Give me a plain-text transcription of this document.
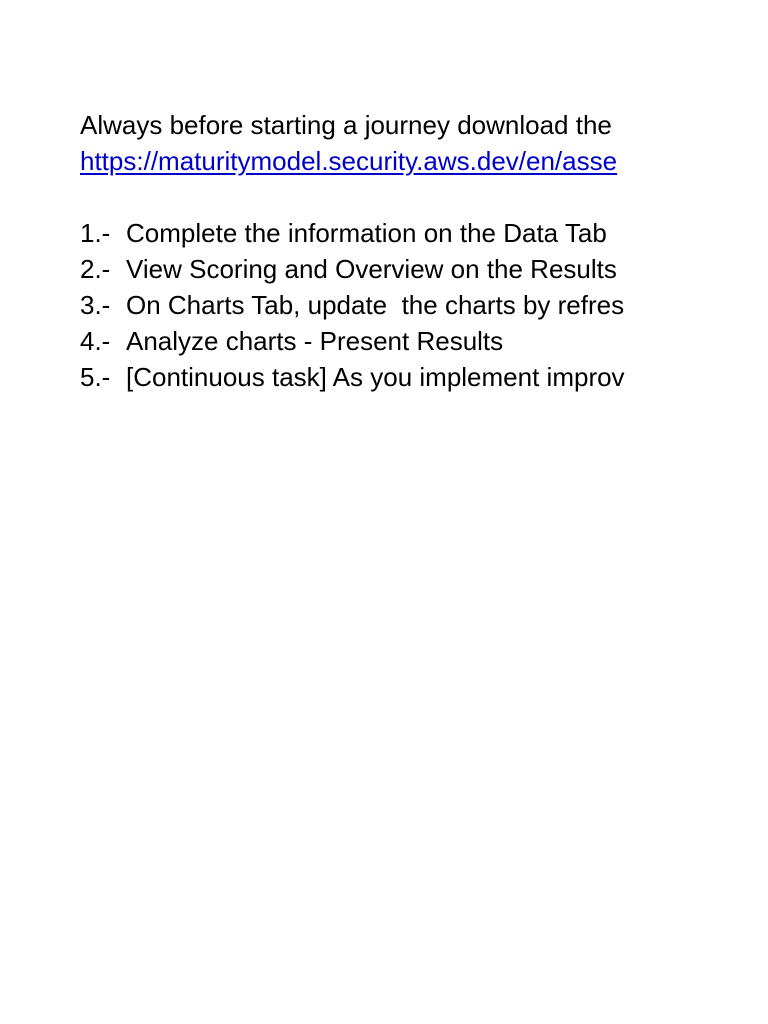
Always before starting a journey download the
https://maturitymodel.security.aws.dev/en/asse
1.- Complete the information on the Data Tab
2.- View Scoring and Overview on the Results
3.- On Charts Tab, update  the charts by refres
4.- Analyze charts - Present Results
5.- [Continuous task] As you implement improv
